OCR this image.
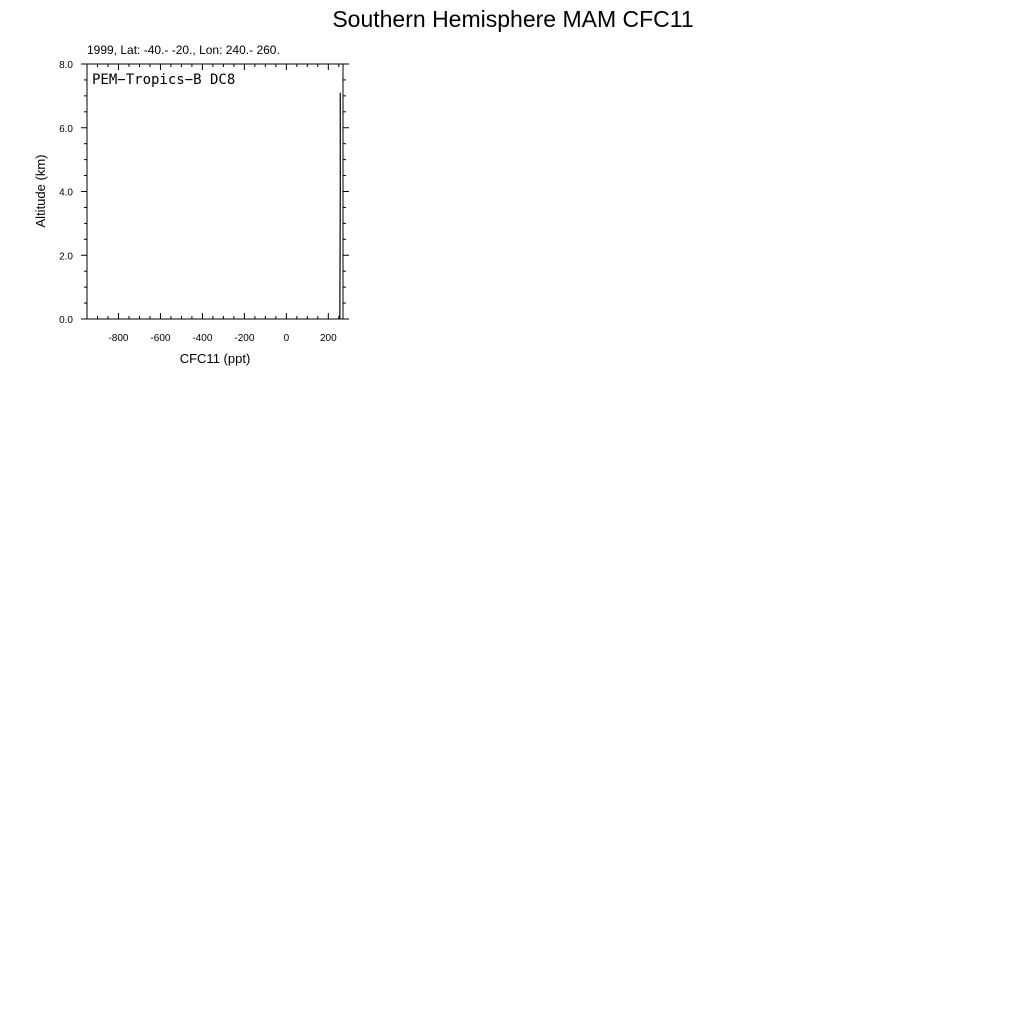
Southern Hemisphere MAM CFC11
1999, Lat: -40.- -20., Lon: 240.- 260.
-800 -600 -400 -200	0	200
0.0
2.0
4.0
6.0
8.0
PEM−Tropics−B DC8
CFC11 (ppt)
Altitude (km)
